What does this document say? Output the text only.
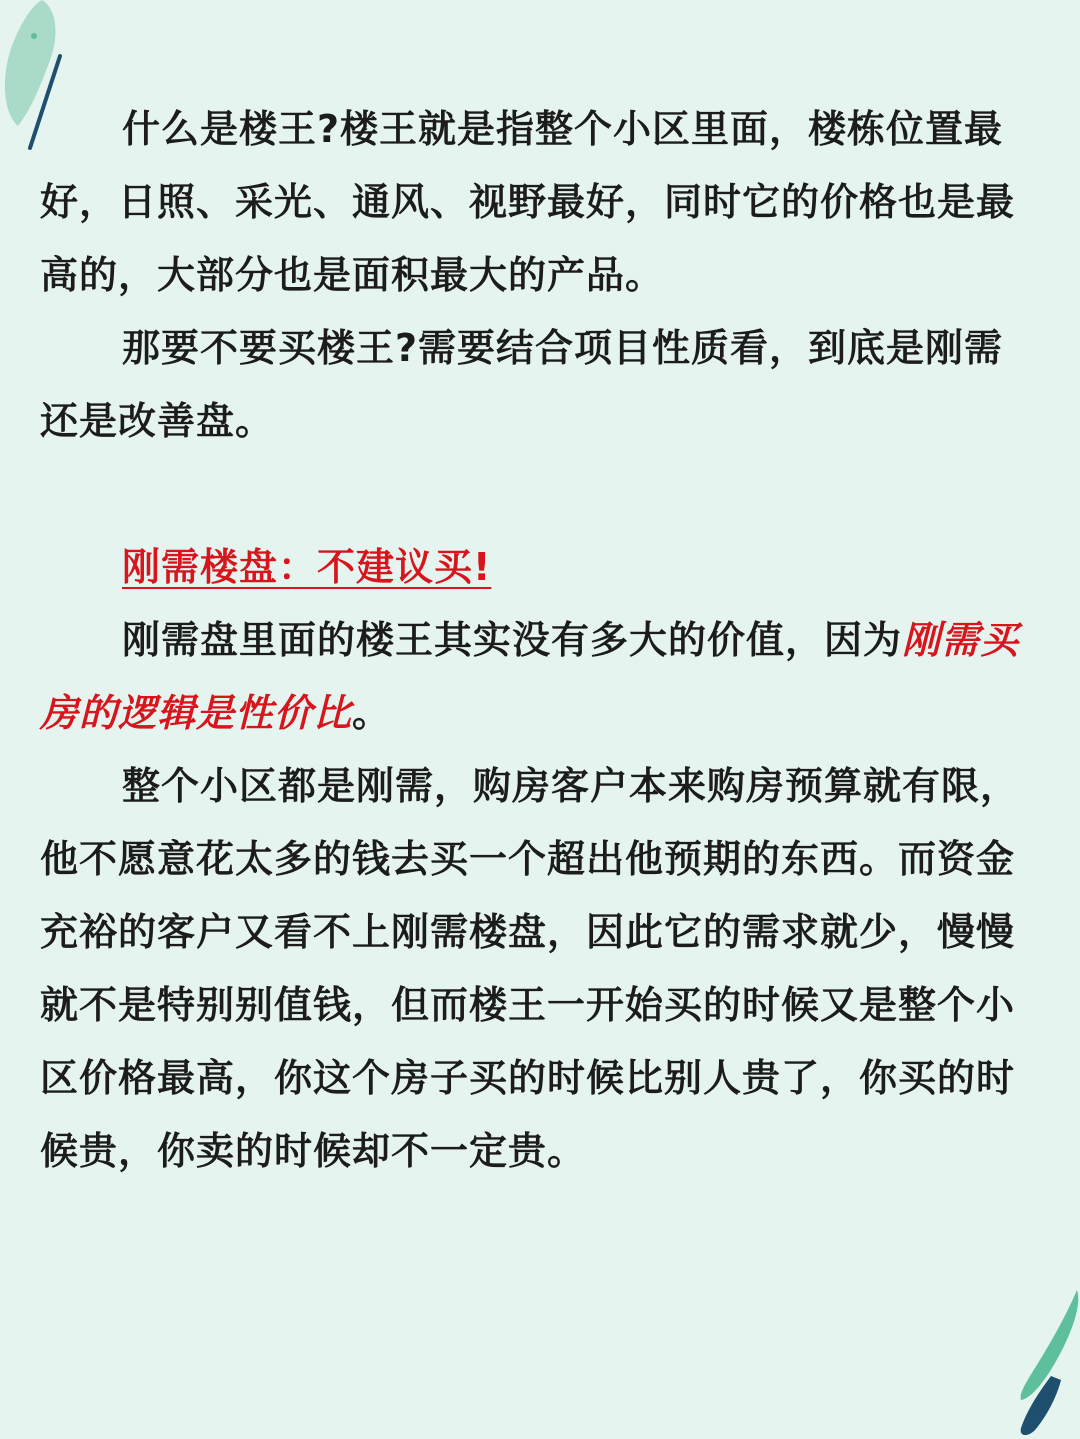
什么是楼王?楼王就是指整个小区里面，楼栋位置最好，日照、采光、通风、视野最好，同时它的价格也是最高的，大部分也是面积最大的产品。

那要不要买楼王?需要结合项目性质看，到底是刚需还是改善盘。

刚需楼盘：不建议买!

刚需盘里面的楼王其实没有多大的价值，因为刚需买房的逻辑是性价比。

整个小区都是刚需，购房客户本来购房预算就有限，他不愿意花太多的钱去买一个超出他预期的东西。而资金充裕的客户又看不上刚需楼盘，因此它的需求就少，慢慢就不是特别别值钱，但而楼王一开始买的时候又是整个小区价格最高，你这个房子买的时候比别人贵了，你买的时候贵，你卖的时候却不一定贵。
